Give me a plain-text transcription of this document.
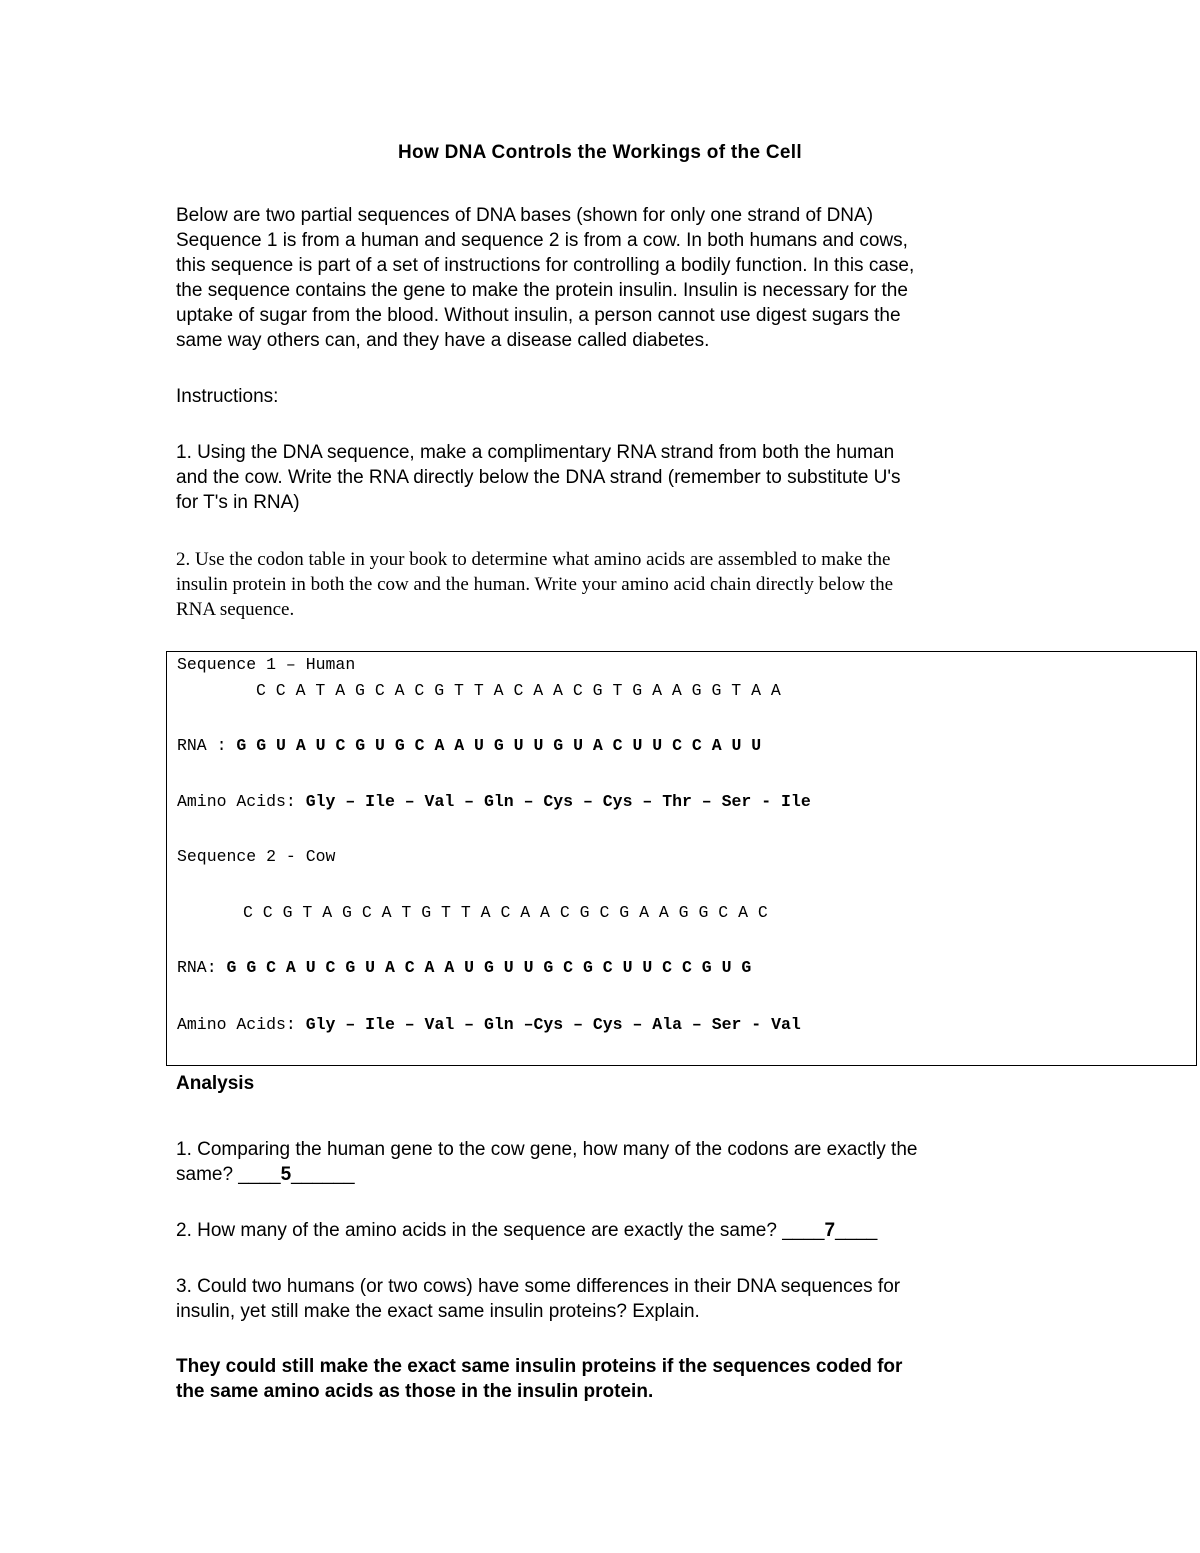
How DNA Controls the Workings of the Cell

Below are two partial sequences of DNA bases (shown for only one strand of DNA)

Sequence 1 is from a human and sequence 2 is from a cow. In both humans and cows,

this sequence is part of a set of instructions for controlling a bodily function. In this case,

the sequence contains the gene to make the protein insulin. Insulin is necessary for the

uptake of sugar from the blood. Without insulin, a person cannot use digest sugars the

same way others can, and they have a disease called diabetes.

Instructions:

1. Using the DNA sequence, make a complimentary RNA strand from both the human

and the cow. Write the RNA directly below the DNA strand (remember to substitute U's

for T's in RNA)

2. Use the codon table in your book to determine what amino acids are assembled to make the

insulin protein in both the cow and the human. Write your amino acid chain directly below the

RNA sequence.

Sequence 1 – Human

C C A T A G C A C G T T A C A A C G T G A A G G T A A

RNA : G G U A U C G U G C A A U G U U G U A C U U C C A U U

Amino Acids: Gly – Ile – Val – Gln – Cys – Cys – Thr – Ser - Ile

Sequence 2 - Cow

C C G T A G C A T G T T A C A A C G C G A A G G C A C

RNA: G G C A U C G U A C A A U G U U G C G C U U C C G U G

Amino Acids: Gly – Ile – Val – Gln –Cys – Cys – Ala – Ser - Val

Analysis

1. Comparing the human gene to the cow gene, how many of the codons are exactly the

same? ____5______

2. How many of the amino acids in the sequence are exactly the same? ____7____

3. Could two humans (or two cows) have some differences in their DNA sequences for

insulin, yet still make the exact same insulin proteins? Explain.

They could still make the exact same insulin proteins if the sequences coded for

the same amino acids as those in the insulin protein.
